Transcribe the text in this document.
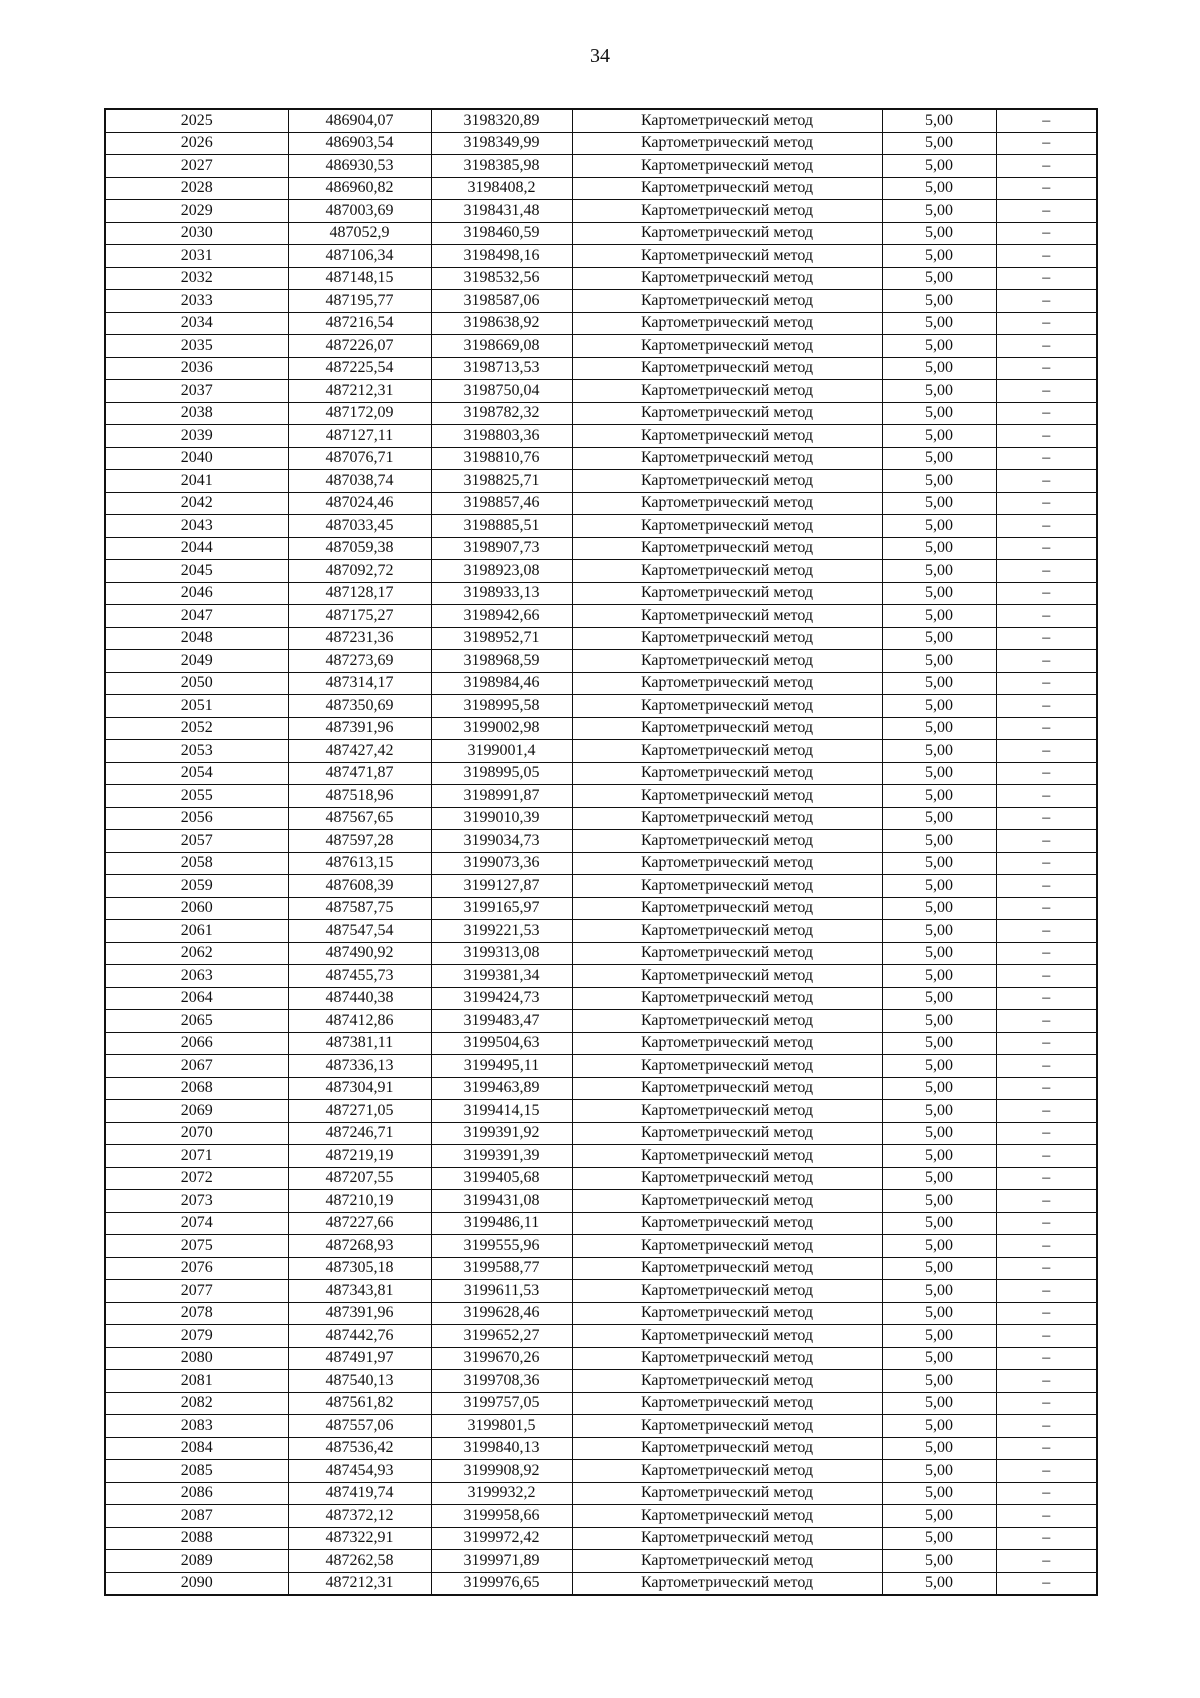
34
2025	486904,07	3198320,89	Картометрический метод	5,00	–
2026	486903,54	3198349,99	Картометрический метод	5,00	–
2027	486930,53	3198385,98	Картометрический метод	5,00	–
2028	486960,82	3198408,2	Картометрический метод	5,00	–
2029	487003,69	3198431,48	Картометрический метод	5,00	–
2030	487052,9	3198460,59	Картометрический метод	5,00	–
2031	487106,34	3198498,16	Картометрический метод	5,00	–
2032	487148,15	3198532,56	Картометрический метод	5,00	–
2033	487195,77	3198587,06	Картометрический метод	5,00	–
2034	487216,54	3198638,92	Картометрический метод	5,00	–
2035	487226,07	3198669,08	Картометрический метод	5,00	–
2036	487225,54	3198713,53	Картометрический метод	5,00	–
2037	487212,31	3198750,04	Картометрический метод	5,00	–
2038	487172,09	3198782,32	Картометрический метод	5,00	–
2039	487127,11	3198803,36	Картометрический метод	5,00	–
2040	487076,71	3198810,76	Картометрический метод	5,00	–
2041	487038,74	3198825,71	Картометрический метод	5,00	–
2042	487024,46	3198857,46	Картометрический метод	5,00	–
2043	487033,45	3198885,51	Картометрический метод	5,00	–
2044	487059,38	3198907,73	Картометрический метод	5,00	–
2045	487092,72	3198923,08	Картометрический метод	5,00	–
2046	487128,17	3198933,13	Картометрический метод	5,00	–
2047	487175,27	3198942,66	Картометрический метод	5,00	–
2048	487231,36	3198952,71	Картометрический метод	5,00	–
2049	487273,69	3198968,59	Картометрический метод	5,00	–
2050	487314,17	3198984,46	Картометрический метод	5,00	–
2051	487350,69	3198995,58	Картометрический метод	5,00	–
2052	487391,96	3199002,98	Картометрический метод	5,00	–
2053	487427,42	3199001,4	Картометрический метод	5,00	–
2054	487471,87	3198995,05	Картометрический метод	5,00	–
2055	487518,96	3198991,87	Картометрический метод	5,00	–
2056	487567,65	3199010,39	Картометрический метод	5,00	–
2057	487597,28	3199034,73	Картометрический метод	5,00	–
2058	487613,15	3199073,36	Картометрический метод	5,00	–
2059	487608,39	3199127,87	Картометрический метод	5,00	–
2060	487587,75	3199165,97	Картометрический метод	5,00	–
2061	487547,54	3199221,53	Картометрический метод	5,00	–
2062	487490,92	3199313,08	Картометрический метод	5,00	–
2063	487455,73	3199381,34	Картометрический метод	5,00	–
2064	487440,38	3199424,73	Картометрический метод	5,00	–
2065	487412,86	3199483,47	Картометрический метод	5,00	–
2066	487381,11	3199504,63	Картометрический метод	5,00	–
2067	487336,13	3199495,11	Картометрический метод	5,00	–
2068	487304,91	3199463,89	Картометрический метод	5,00	–
2069	487271,05	3199414,15	Картометрический метод	5,00	–
2070	487246,71	3199391,92	Картометрический метод	5,00	–
2071	487219,19	3199391,39	Картометрический метод	5,00	–
2072	487207,55	3199405,68	Картометрический метод	5,00	–
2073	487210,19	3199431,08	Картометрический метод	5,00	–
2074	487227,66	3199486,11	Картометрический метод	5,00	–
2075	487268,93	3199555,96	Картометрический метод	5,00	–
2076	487305,18	3199588,77	Картометрический метод	5,00	–
2077	487343,81	3199611,53	Картометрический метод	5,00	–
2078	487391,96	3199628,46	Картометрический метод	5,00	–
2079	487442,76	3199652,27	Картометрический метод	5,00	–
2080	487491,97	3199670,26	Картометрический метод	5,00	–
2081	487540,13	3199708,36	Картометрический метод	5,00	–
2082	487561,82	3199757,05	Картометрический метод	5,00	–
2083	487557,06	3199801,5	Картометрический метод	5,00	–
2084	487536,42	3199840,13	Картометрический метод	5,00	–
2085	487454,93	3199908,92	Картометрический метод	5,00	–
2086	487419,74	3199932,2	Картометрический метод	5,00	–
2087	487372,12	3199958,66	Картометрический метод	5,00	–
2088	487322,91	3199972,42	Картометрический метод	5,00	–
2089	487262,58	3199971,89	Картометрический метод	5,00	–
2090	487212,31	3199976,65	Картометрический метод	5,00	–
